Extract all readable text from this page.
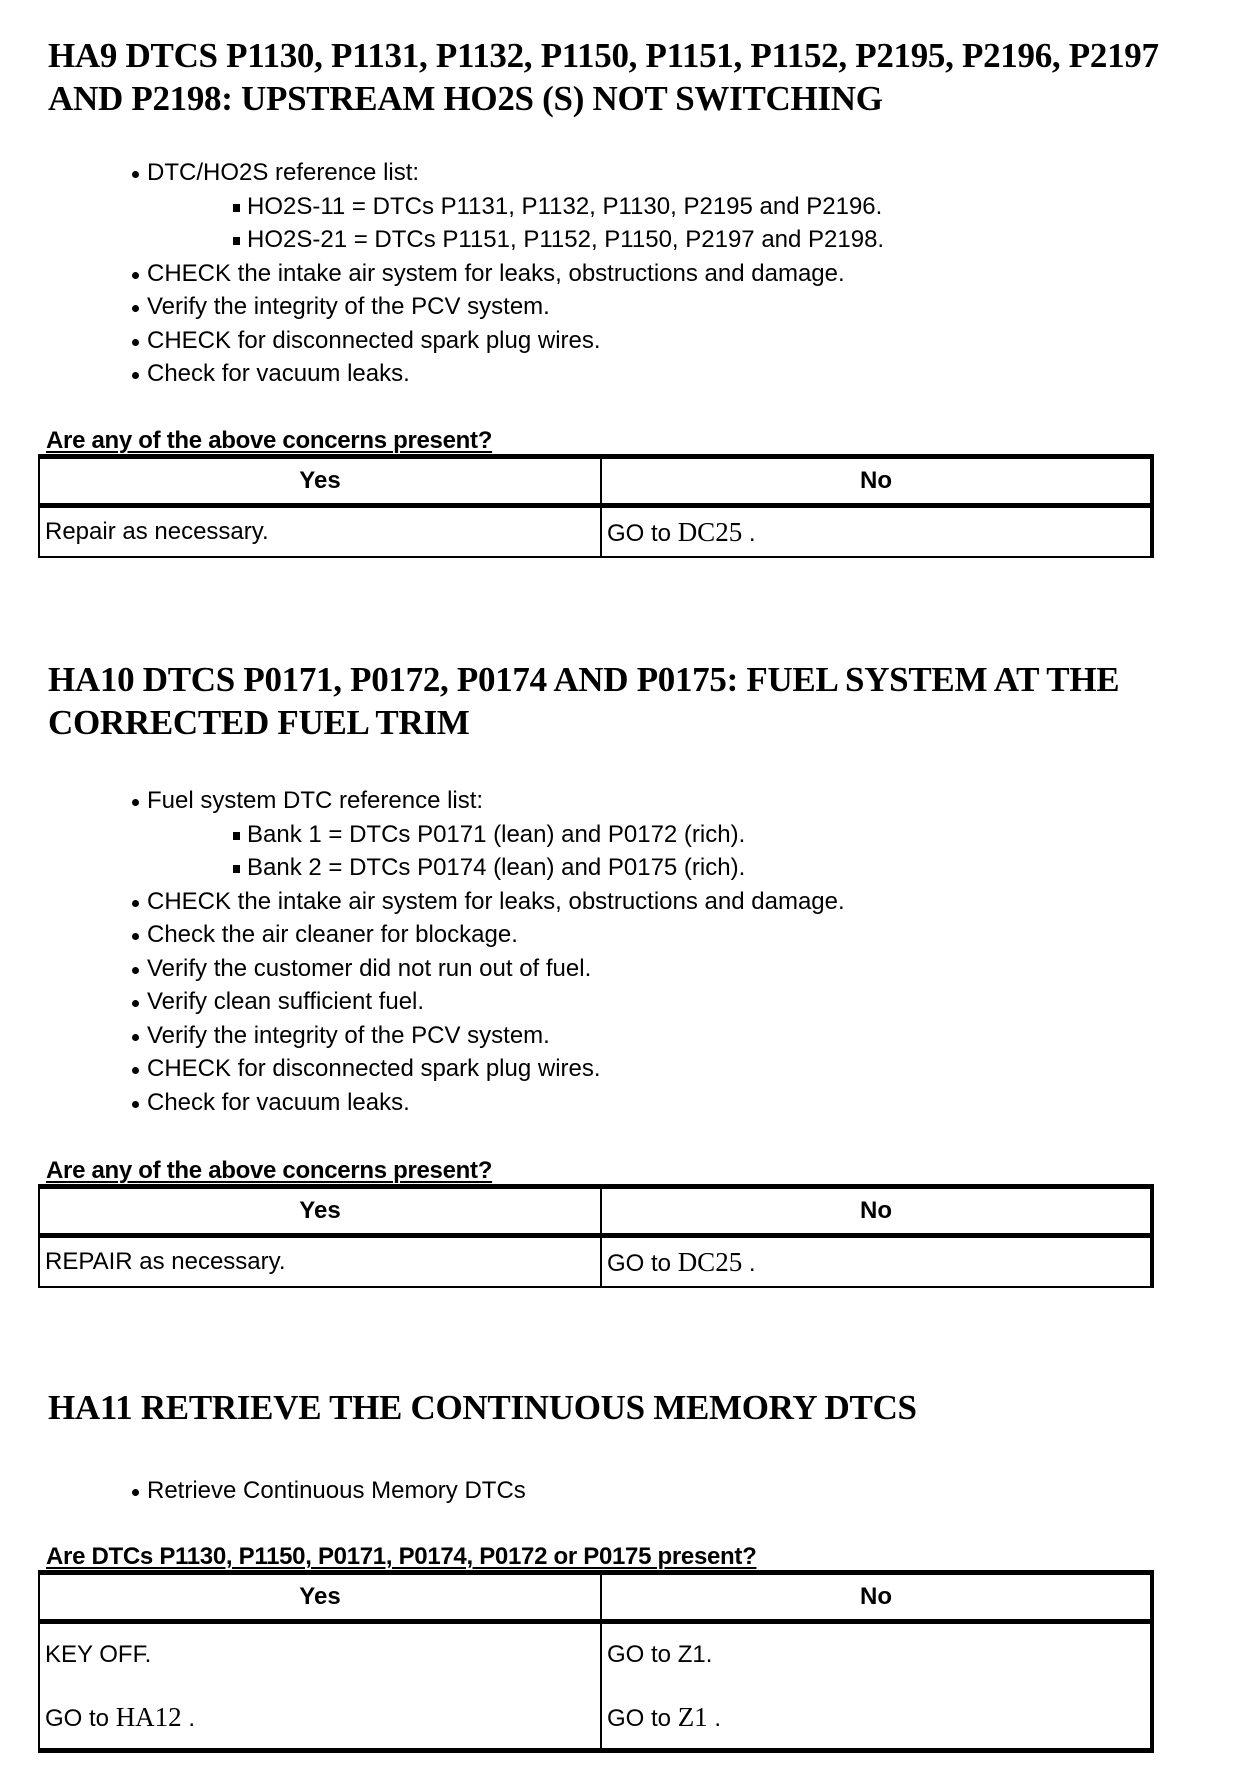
HA9 DTCS P1130, P1131, P1132, P1150, P1151, P1152, P2195, P2196, P2197 AND P2198: UPSTREAM HO2S (S) NOT SWITCHING
DTC/HO2S reference list:
HO2S-11 = DTCs P1131, P1132, P1130, P2195 and P2196.
HO2S-21 = DTCs P1151, P1152, P1150, P2197 and P2198.
CHECK the intake air system for leaks, obstructions and damage.
Verify the integrity of the PCV system.
CHECK for disconnected spark plug wires.
Check for vacuum leaks.
Are any of the above concerns present?
Yes	No
Repair as necessary.	GO to DC25 .
HA10 DTCS P0171, P0172, P0174 AND P0175: FUEL SYSTEM AT THE CORRECTED FUEL TRIM
Fuel system DTC reference list:
Bank 1 = DTCs P0171 (lean) and P0172 (rich).
Bank 2 = DTCs P0174 (lean) and P0175 (rich).
CHECK the intake air system for leaks, obstructions and damage.
Check the air cleaner for blockage.
Verify the customer did not run out of fuel.
Verify clean sufficient fuel.
Verify the integrity of the PCV system.
CHECK for disconnected spark plug wires.
Check for vacuum leaks.
Are any of the above concerns present?
Yes	No
REPAIR as necessary.	GO to DC25 .
HA11 RETRIEVE THE CONTINUOUS MEMORY DTCS
Retrieve Continuous Memory DTCs
Are DTCs P1130, P1150, P0171, P0174, P0172 or P0175 present?
Yes	No
KEY OFF.	GO to Z1.
GO to HA12 .	GO to Z1 .
